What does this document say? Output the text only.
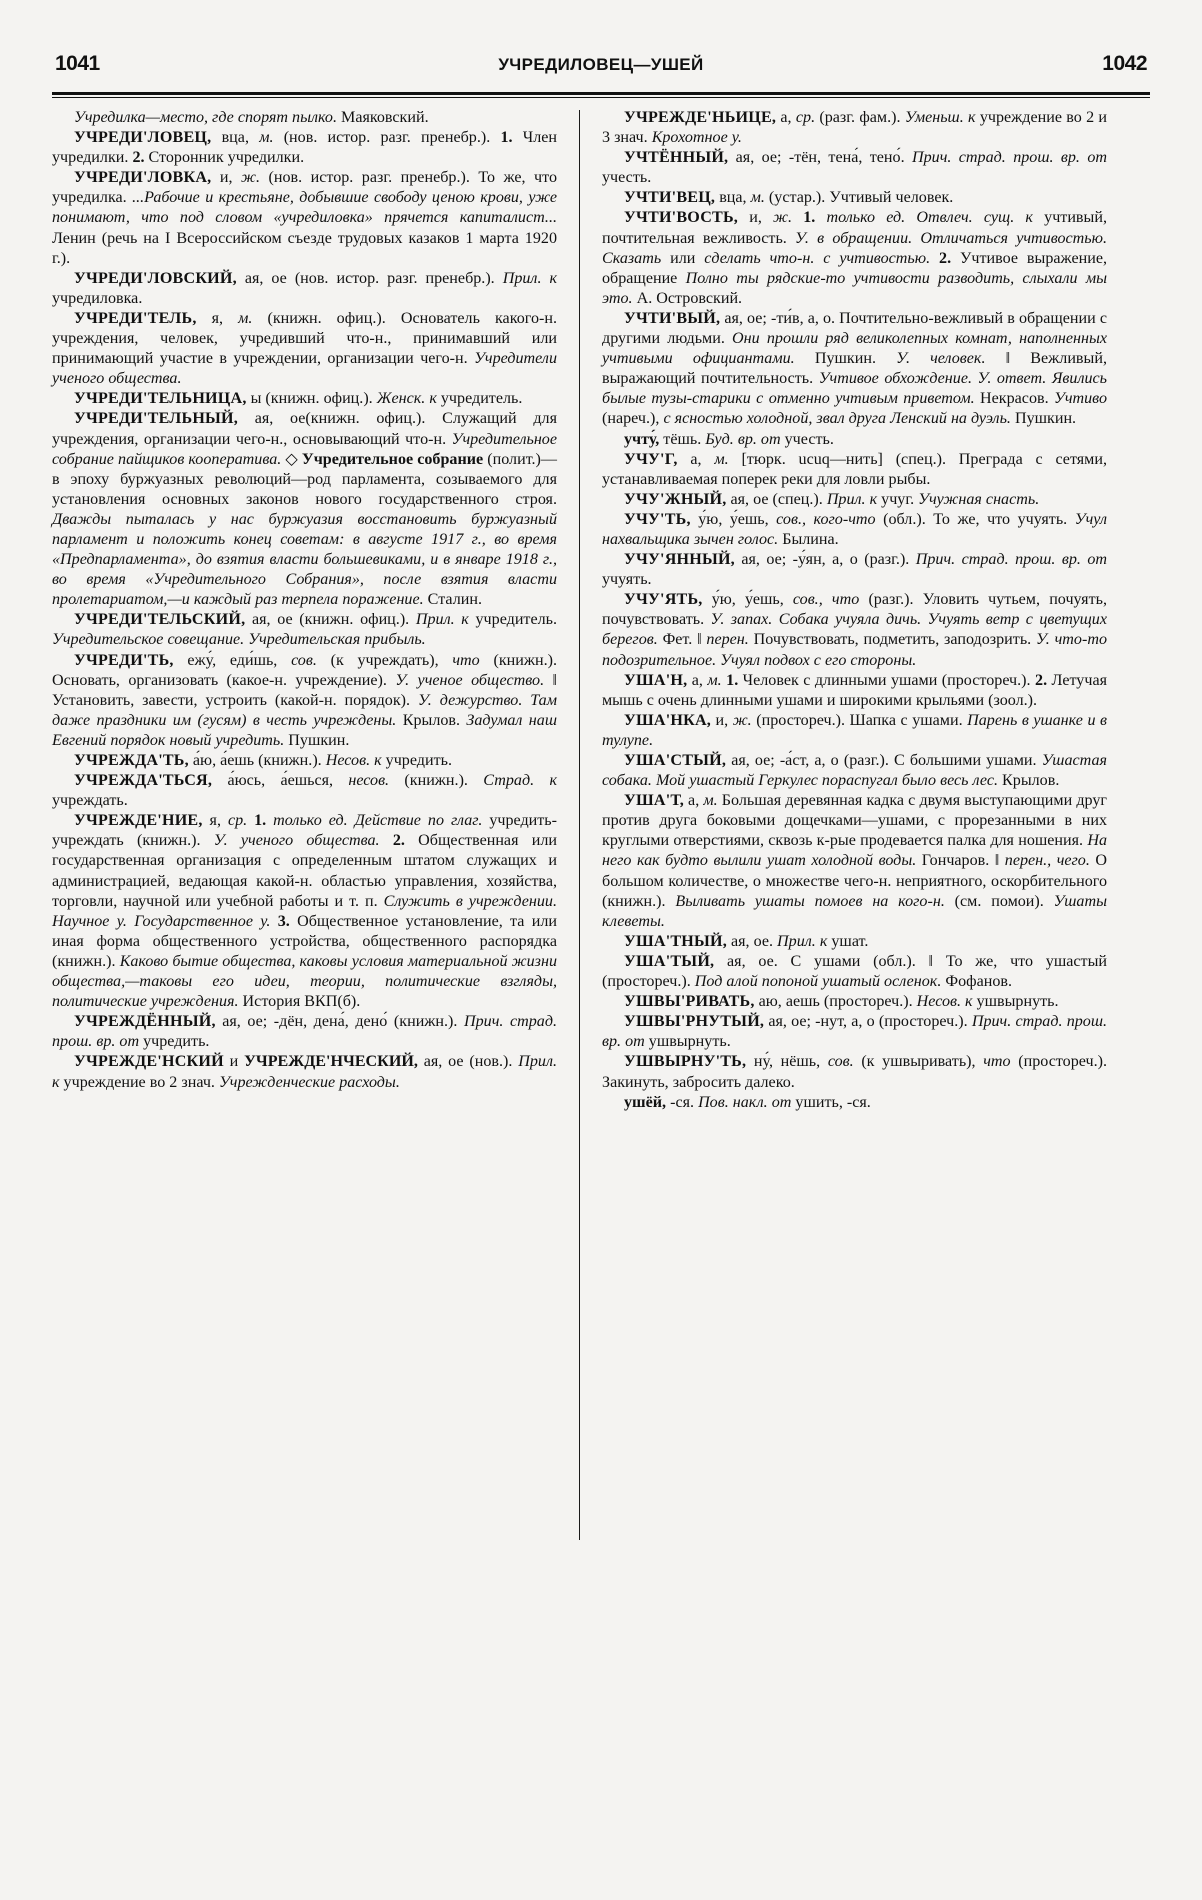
1041	УЧРЕДИЛОВЕЦ—УШЕЙ	1042

Учредилка—место, где спорят пылко. Маяковский.

УЧРЕДИ'ЛОВЕЦ, вца, м. (нов. истор. разг. пренебр.). 1. Член учредилки. 2. Сторонник учредилки.

УЧРЕДИ'ЛОВКА, и, ж. (нов. истор. разг. пренебр.). То же, что учредилка. ...Рабочие и крестьяне, добывшие свободу ценою крови, уже понимают, что под словом «учредиловка» прячется капиталист... Ленин (речь на I Всероссийском съезде трудовых казаков 1 марта 1920 г.).

УЧРЕДИ'ЛОВСКИЙ, ая, ое (нов. истор. разг. пренебр.). Прил. к учредиловка.

УЧРЕДИ'ТЕЛЬ, я, м. (книжн. офиц.). Основатель какого-н. учреждения, человек, учредивший что-н., принимавший или принимающий участие в учреждении, организации чего-н. Учредители ученого общества.

УЧРЕДИ'ТЕЛЬНИЦА, ы (книжн. офиц.). Женск. к учредитель.

УЧРЕДИ'ТЕЛЬНЫЙ, ая, ое(книжн. офиц.). Служащий для учреждения, организации чего-н., основывающий что-н. Учредительное собрание пайщиков кооператива. ◇ Учредительное собрание (полит.)—в эпоху буржуазных революций—род парламента, созываемого для установления основных законов нового государственного строя. Дважды пыталась у нас буржуазия восстановить буржуазный парламент и положить конец советам: в августе 1917 г., во время «Предпарламента», до взятия власти большевиками, и в январе 1918 г., во время «Учредительного Собрания», после взятия власти пролетариатом,—и каждый раз терпела поражение. Сталин.

УЧРЕДИ'ТЕЛЬСКИЙ, ая, ое (книжн. офиц.). Прил. к учредитель. Учредительское совещание. Учредительская прибыль.

УЧРЕДИ'ТЬ, ежу́, еди́шь, сов. (к учреждать), что (книжн.). Основать, организовать (какое-н. учреждение). У. ученое общество. ‖ Установить, завести, устроить (какой-н. порядок). У. дежурство. Там даже праздники им (гусям) в честь учреждены. Крылов. Задумал наш Евгений порядок новый учредить. Пушкин.

УЧРЕЖДА'ТЬ, а́ю, а́ешь (книжн.). Несов. к учредить.

УЧРЕЖДА'ТЬСЯ, а́юсь, а́ешься, несов. (книжн.). Страд. к учреждать.

УЧРЕЖДЕ'НИЕ, я, ср. 1. только ед. Действие по глаг. учредить-учреждать (книжн.). У. ученого общества. 2. Общественная или государственная организация с определенным штатом служащих и администрацией, ведающая какой-н. областью управления, хозяйства, торговли, научной или учебной работы и т. п. Служить в учреждении. Научное у. Государственное у. 3. Общественное установление, та или иная форма общественного устройства, общественного распорядка (книжн.). Каково бытие общества, каковы условия материальной жизни общества,—таковы его идеи, теории, политические взгляды, политические учреждения. История ВКП(б).

УЧРЕЖДЁННЫЙ, ая, ое; -дён, дена́, дено́ (книжн.). Прич. страд. прош. вр. от учредить.

УЧРЕЖДЕ'НСКИЙ и УЧРЕЖДЕ'НЧЕСКИЙ, ая, ое (нов.). Прил. к учреждение во 2 знач. Учрежденческие расходы.

УЧРЕЖДЕ'НЬИЦЕ, а, ср. (разг. фам.). Уменьш. к учреждение во 2 и 3 знач. Крохотное у.

УЧТЁННЫЙ, ая, ое; -тён, тена́, тено́. Прич. страд. прош. вр. от учесть.

УЧТИ'ВЕЦ, вца, м. (устар.). Учтивый человек.

УЧТИ'ВОСТЬ, и, ж. 1. только ед. Отвлеч. сущ. к учтивый, почтительная вежливость. У. в обращении. Отличаться учтивостью. Сказать или сделать что-н. с учтивостью. 2. Учтивое выражение, обращение Полно ты рядские-то учтивости разводить, слыхали мы это. А. Островский.

УЧТИ'ВЫЙ, ая, ое; -ти́в, а, о. Почтительно-вежливый в обращении с другими людьми. Они прошли ряд великолепных комнат, наполненных учтивыми официантами. Пушкин. У. человек. ‖ Вежливый, выражающий почтительность. Учтивое обхождение. У. ответ. Явились былые тузы-старики с отменно учтивым приветом. Некрасов. Учтиво (нареч.), с ясностью холодной, звал друга Ленский на дуэль. Пушкин.

учту́, тёшь. Буд. вр. от учесть.

УЧУ'Г, а, м. [тюрк. ucuq—нить] (спец.). Преграда с сетями, устанавливаемая поперек реки для ловли рыбы.

УЧУ'ЖНЫЙ, ая, ое (спец.). Прил. к учуг. Учужная снасть.

УЧУ'ТЬ, у́ю, у́ешь, сов., кого-что (обл.). То же, что учуять. Учул нахвальщика зычен голос. Былина.

УЧУ'ЯННЫЙ, ая, ое; -у́ян, а, о (разг.). Прич. страд. прош. вр. от учуять.

УЧУ'ЯТЬ, у́ю, у́ешь, сов., что (разг.). Уловить чутьем, почуять, почувствовать. У. запах. Собака учуяла дичь. Учуять ветр с цветущих берегов. Фет. ‖ перен. Почувствовать, подметить, заподозрить. У. что-то подозрительное. Учуял подвох с его стороны.

УША'Н, а, м. 1. Человек с длинными ушами (простореч.). 2. Летучая мышь с очень длинными ушами и широкими крыльями (зоол.).

УША'НКА, и, ж. (простореч.). Шапка с ушами. Парень в ушанке и в тулупе.

УША'СТЫЙ, ая, ое; -а́ст, а, о (разг.). С большими ушами. Ушастая собака. Мой ушастый Геркулес пораспугал было весь лес. Крылов.

УША'Т, а, м. Большая деревянная кадка с двумя выступающими друг против друга боковыми дощечками—ушами, с прорезанными в них круглыми отверстиями, сквозь к-рые продевается палка для ношения. На него как будто вылили ушат холодной воды. Гончаров. ‖ перен., чего. О большом количестве, о множестве чего-н. неприятного, оскорбительного (книжн.). Выливать ушаты помоев на кого-н. (см. помои). Ушаты клеветы.

УША'ТНЫЙ, ая, ое. Прил. к ушат.

УША'ТЫЙ, ая, ое. С ушами (обл.). ‖ То же, что ушастый (простореч.). Под алой попоной ушатый осленок. Фофанов.

УШВЫ'РИВАТЬ, аю, аешь (простореч.). Несов. к ушвырнуть.

УШВЫ'РНУТЫЙ, ая, ое; -нут, а, о (простореч.). Прич. страд. прош. вр. от ушвырнуть.

УШВЫРНУ'ТЬ, ну́, нёшь, сов. (к ушвыривать), что (простореч.). Закинуть, забросить далеко.

ушёй, -ся. Пов. накл. от ушить, -ся.
